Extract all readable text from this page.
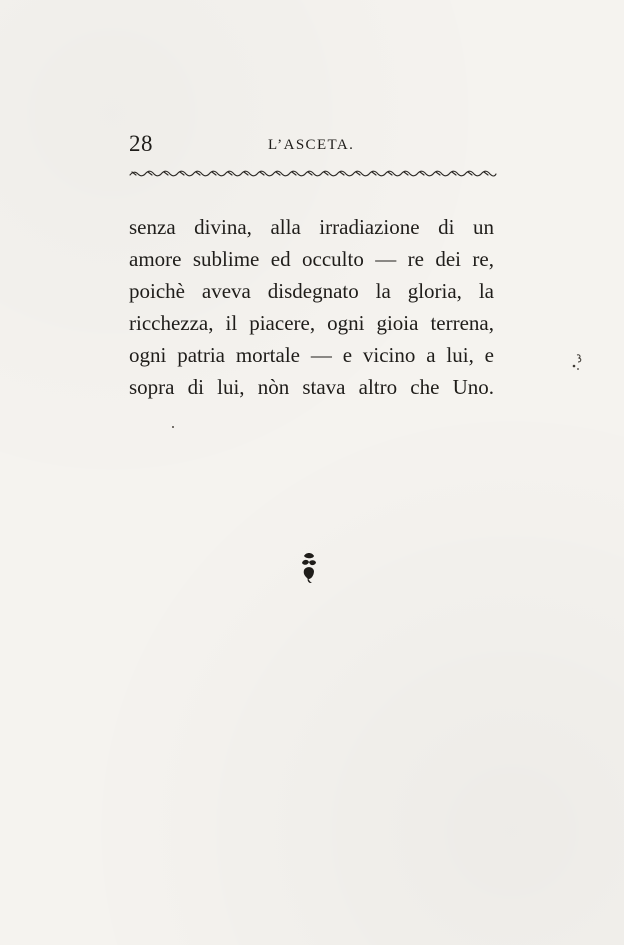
28	L’ASCETA.
senza divina, alla irradiazione di un
amore sublime ed occulto — re dei re,
poichè aveva disdegnato la gloria, la
ricchezza, il piacere, ogni gioia terrena,
ogni patria mortale — e vicino a lui, e
sopra di lui, nòn stava altro che Uno.
